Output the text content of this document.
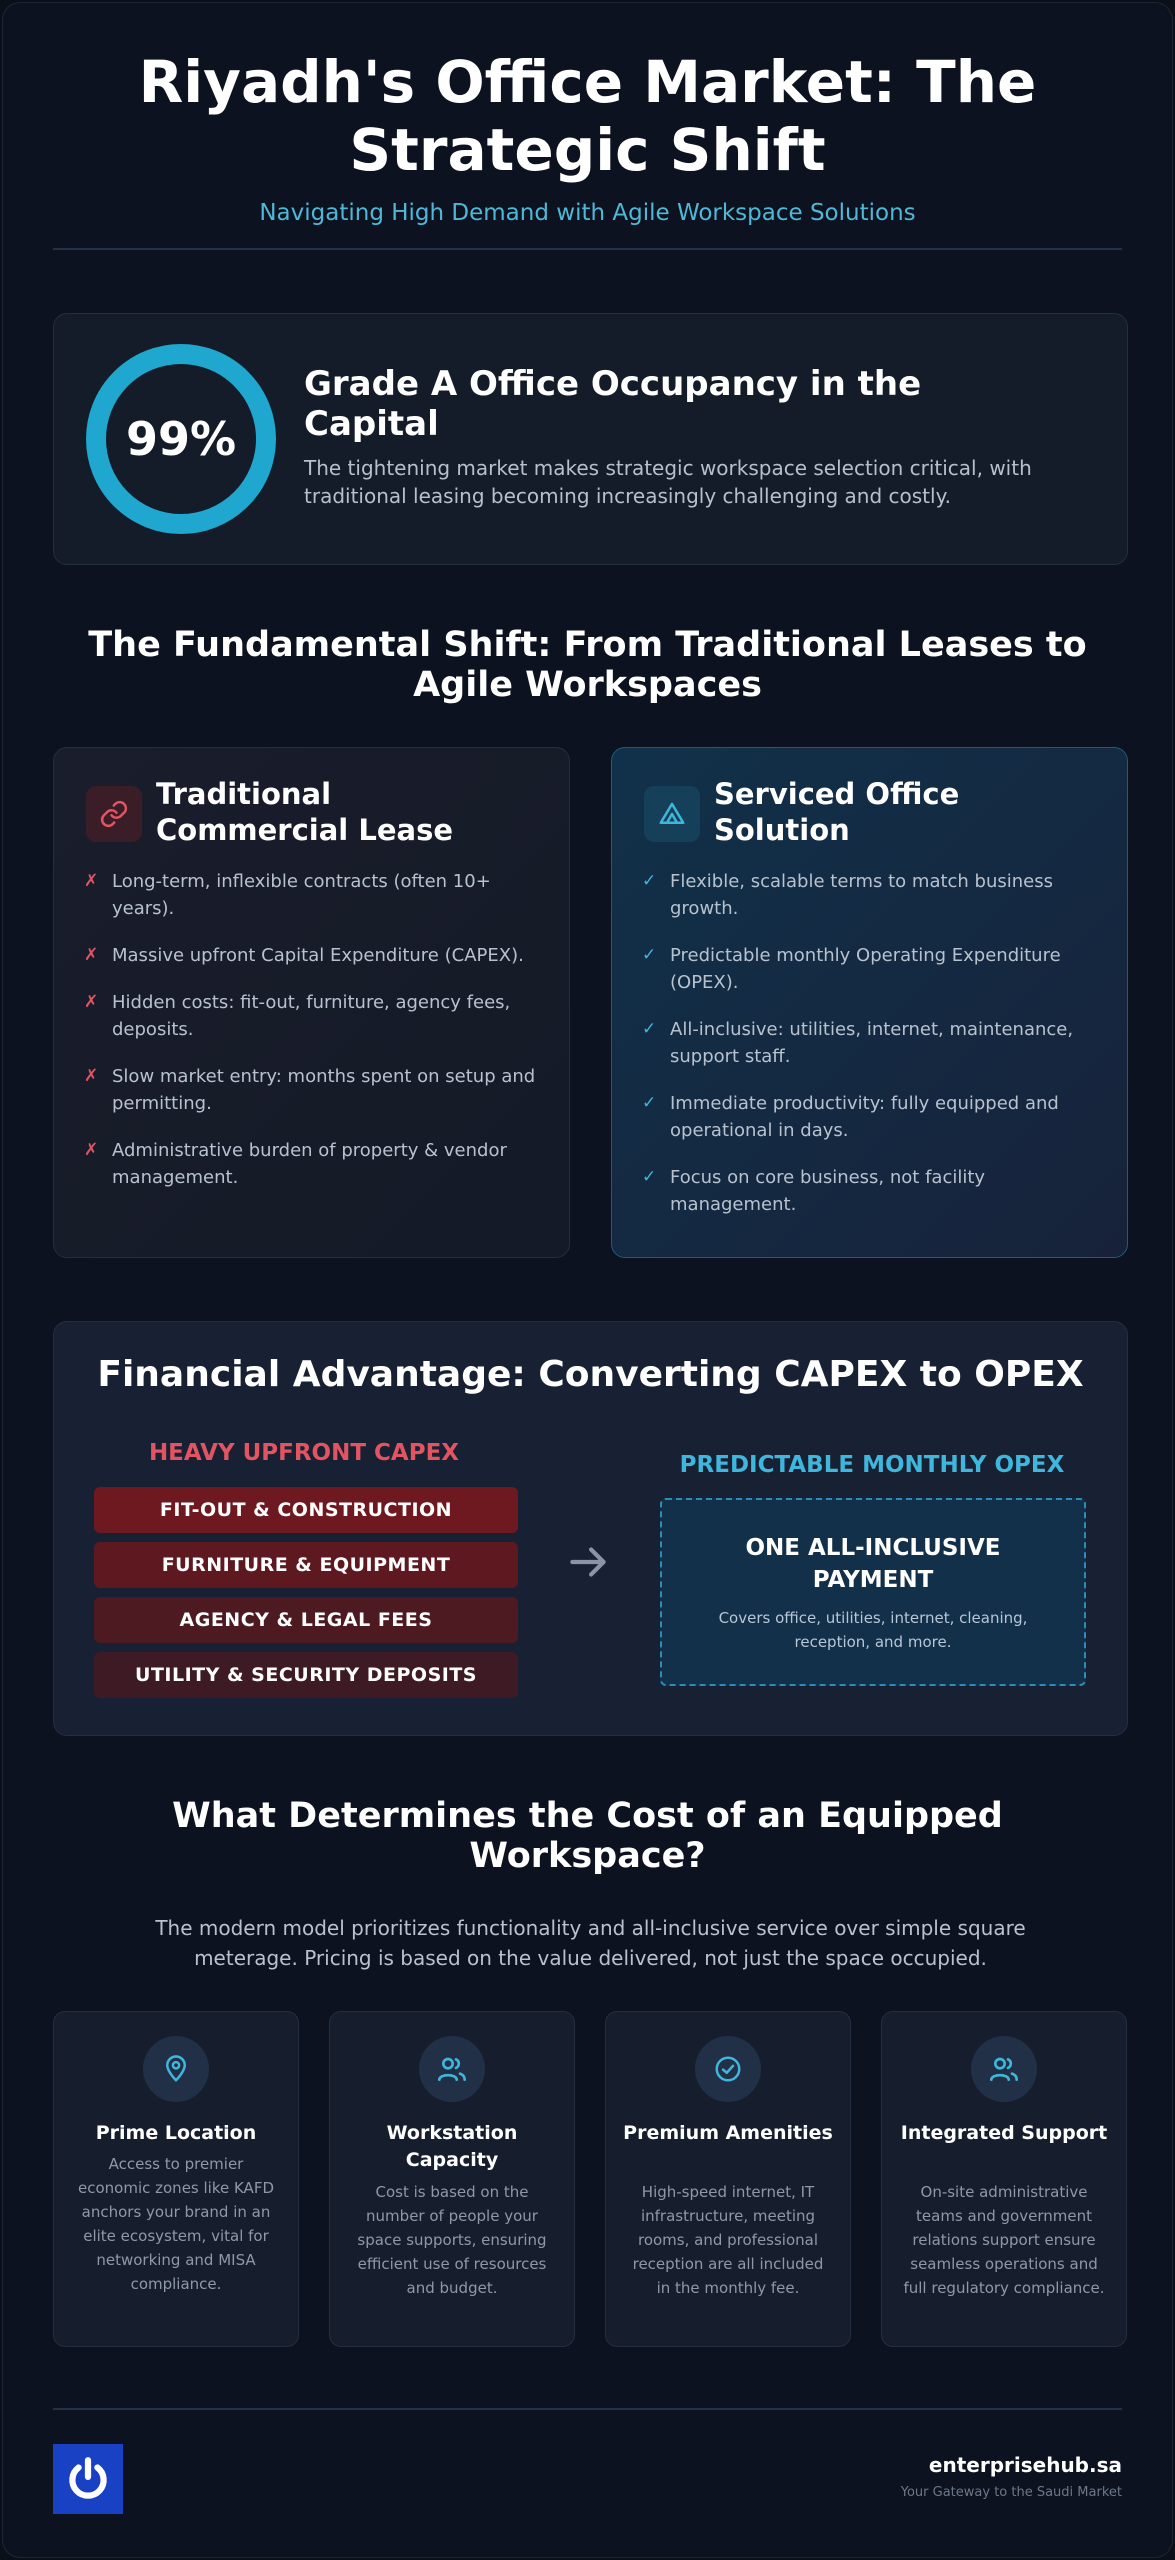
Riyadh's Office Market: The
Strategic Shift
Navigating High Demand with Agile Workspace Solutions
99%
Grade A Office Occupancy in the Capital
The tightening market makes strategic workspace selection critical, with traditional leasing becoming increasingly challenging and costly.
The Fundamental Shift: From Traditional Leases to
Agile Workspaces
Traditional
Commercial Lease
✗ Long-term, inflexible contracts (often 10+ years).
✗ Massive upfront Capital Expenditure (CAPEX).
✗ Hidden costs: fit-out, furniture, agency fees, deposits.
✗ Slow market entry: months spent on setup and permitting.
✗ Administrative burden of property & vendor management.
Serviced Office
Solution
✓ Flexible, scalable terms to match business growth.
✓ Predictable monthly Operating Expenditure (OPEX).
✓ All-inclusive: utilities, internet, maintenance, support staff.
✓ Immediate productivity: fully equipped and operational in days.
✓ Focus on core business, not facility management.
Financial Advantage: Converting CAPEX to OPEX
HEAVY UPFRONT CAPEX
FIT-OUT & CONSTRUCTION
FURNITURE & EQUIPMENT
AGENCY & LEGAL FEES
UTILITY & SECURITY DEPOSITS
PREDICTABLE MONTHLY OPEX
ONE ALL-INCLUSIVE PAYMENT
Covers office, utilities, internet, cleaning, reception, and more.
What Determines the Cost of an Equipped
Workspace?
The modern model prioritizes functionality and all-inclusive service over simple square meterage. Pricing is based on the value delivered, not just the space occupied.
Prime Location
Access to premier economic zones like KAFD anchors your brand in an elite ecosystem, vital for networking and MISA compliance.
Workstation Capacity
Cost is based on the number of people your space supports, ensuring efficient use of resources and budget.
Premium Amenities
High-speed internet, IT infrastructure, meeting rooms, and professional reception are all included in the monthly fee.
Integrated Support
On-site administrative teams and government relations support ensure seamless operations and full regulatory compliance.
enterprisehub.sa
Your Gateway to the Saudi Market
